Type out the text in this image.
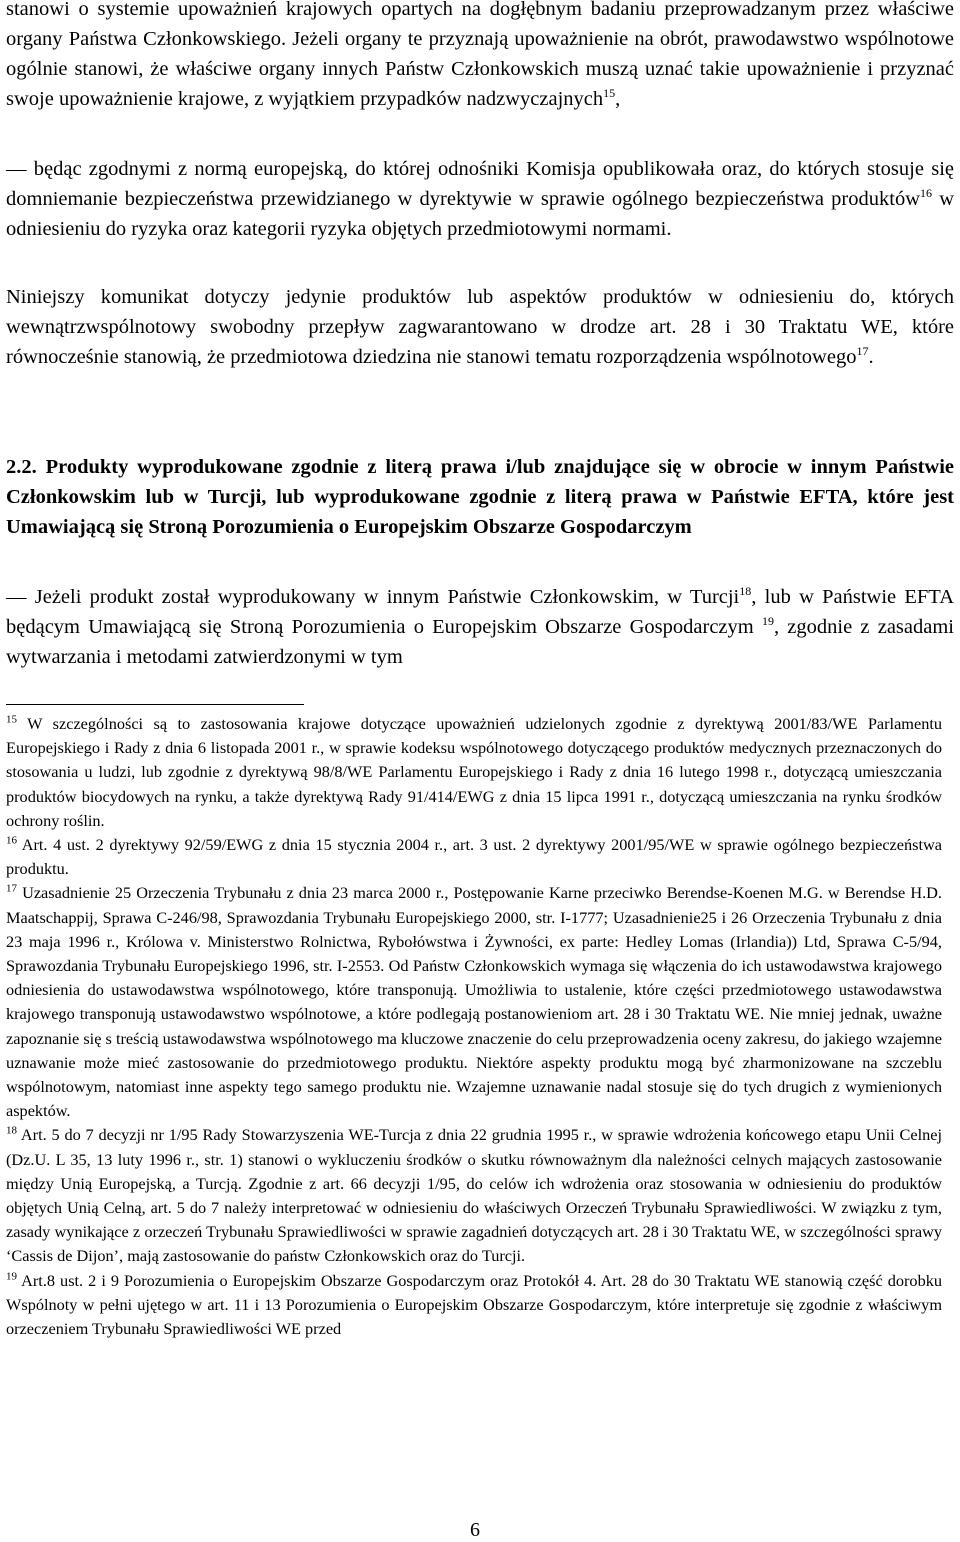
stanowi o systemie upoważnień krajowych opartych na dogłębnym badaniu przeprowadzanym przez właściwe organy Państwa Członkowskiego. Jeżeli organy te przyznają upoważnienie na obrót, prawodawstwo wspólnotowe ogólnie stanowi, że właściwe organy innych Państw Członkowskich muszą uznać takie upoważnienie i przyznać swoje upoważnienie krajowe, z wyjątkiem przypadków nadzwyczajnych$^{15}$,

— będąc zgodnymi z normą europejską, do której odnośniki Komisja opublikowała oraz, do których stosuje się domniemanie bezpieczeństwa przewidzianego w dyrektywie w sprawie ogólnego bezpieczeństwa produktów$^{16}$ w odniesieniu do ryzyka oraz kategorii ryzyka objętych przedmiotowymi normami.

Niniejszy komunikat dotyczy jedynie produktów lub aspektów produktów w odniesieniu do, których wewnątrzwspólnotowy swobodny przepływ zagwarantowano w drodze art. 28 i 30 Traktatu WE, które równocześnie stanowią, że przedmiotowa dziedzina nie stanowi tematu rozporządzenia wspólnotowego$^{17}$.

2.2. Produkty wyprodukowane zgodnie z literą prawa i/lub znajdujące się w obrocie w innym Państwie Członkowskim lub w Turcji, lub wyprodukowane zgodnie z literą prawa w Państwie EFTA, które jest Umawiającą się Stroną Porozumienia o Europejskim Obszarze Gospodarczym

— Jeżeli produkt został wyprodukowany w innym Państwie Członkowskim, w Turcji$^{18}$, lub w Państwie EFTA będącym Umawiającą się Stroną Porozumienia o Europejskim Obszarze Gospodarczym $^{19}$, zgodnie z zasadami wytwarzania i metodami zatwierdzonymi w tym

$^{15}$ W szczególności są to zastosowania krajowe dotyczące upoważnień udzielonych zgodnie z dyrektywą 2001/83/WE Parlamentu Europejskiego i Rady z dnia 6 listopada 2001 r., w sprawie kodeksu wspólnotowego dotyczącego produktów medycznych przeznaczonych do stosowania u ludzi, lub zgodnie z dyrektywą 98/8/WE Parlamentu Europejskiego i Rady z dnia 16 lutego 1998 r., dotyczącą umieszczania produktów biocydowych na rynku, a także dyrektywą Rady 91/414/EWG z dnia 15 lipca 1991 r., dotyczącą umieszczania na rynku środków ochrony roślin.

$^{16}$ Art. 4 ust. 2 dyrektywy 92/59/EWG z dnia 15 stycznia 2004 r., art. 3 ust. 2 dyrektywy 2001/95/WE w sprawie ogólnego bezpieczeństwa produktu.

$^{17}$ Uzasadnienie 25 Orzeczenia Trybunału z dnia 23 marca 2000 r., Postępowanie Karne przeciwko Berendse-Koenen M.G. w Berendse H.D. Maatschappij, Sprawa C-246/98, Sprawozdania Trybunału Europejskiego 2000, str. I-1777; Uzasadnienie25 i 26 Orzeczenia Trybunału z dnia 23 maja 1996 r., Królowa v. Ministerstwo Rolnictwa, Rybołówstwa i Żywności, ex parte: Hedley Lomas (Irlandia)) Ltd, Sprawa C-5/94, Sprawozdania Trybunału Europejskiego 1996, str. I-2553. Od Państw Członkowskich wymaga się włączenia do ich ustawodawstwa krajowego odniesienia do ustawodawstwa wspólnotowego, które transponują. Umożliwia to ustalenie, które części przedmiotowego ustawodawstwa krajowego transponują ustawodawstwo wspólnotowe, a które podlegają postanowieniom art. 28 i 30 Traktatu WE. Nie mniej jednak, uważne zapoznanie się s treścią ustawodawstwa wspólnotowego ma kluczowe znaczenie do celu przeprowadzenia oceny zakresu, do jakiego wzajemne uznawanie może mieć zastosowanie do przedmiotowego produktu. Niektóre aspekty produktu mogą być zharmonizowane na szczeblu wspólnotowym, natomiast inne aspekty tego samego produktu nie. Wzajemne uznawanie nadal stosuje się do tych drugich z wymienionych aspektów.

$^{18}$ Art. 5 do 7 decyzji nr 1/95 Rady Stowarzyszenia WE-Turcja z dnia 22 grudnia 1995 r., w sprawie wdrożenia końcowego etapu Unii Celnej (Dz.U. L 35, 13 luty 1996 r., str. 1) stanowi o wykluczeniu środków o skutku równoważnym dla należności celnych mających zastosowanie między Unią Europejską, a Turcją. Zgodnie z art. 66 decyzji 1/95, do celów ich wdrożenia oraz stosowania w odniesieniu do produktów objętych Unią Celną, art. 5 do 7 należy interpretować w odniesieniu do właściwych Orzeczeń Trybunału Sprawiedliwości. W związku z tym, zasady wynikające z orzeczeń Trybunału Sprawiedliwości w sprawie zagadnień dotyczących art. 28 i 30 Traktatu WE, w szczególności sprawy ‘Cassis de Dijon’, mają zastosowanie do państw Członkowskich oraz do Turcji.

$^{19}$ Art.8 ust. 2 i 9 Porozumienia o Europejskim Obszarze Gospodarczym oraz Protokół 4. Art. 28 do 30 Traktatu WE stanowią część dorobku Wspólnoty w pełni ujętego w art. 11 i 13 Porozumienia o Europejskim Obszarze Gospodarczym, które interpretuje się zgodnie z właściwym orzeczeniem Trybunału Sprawiedliwości WE przed

6
